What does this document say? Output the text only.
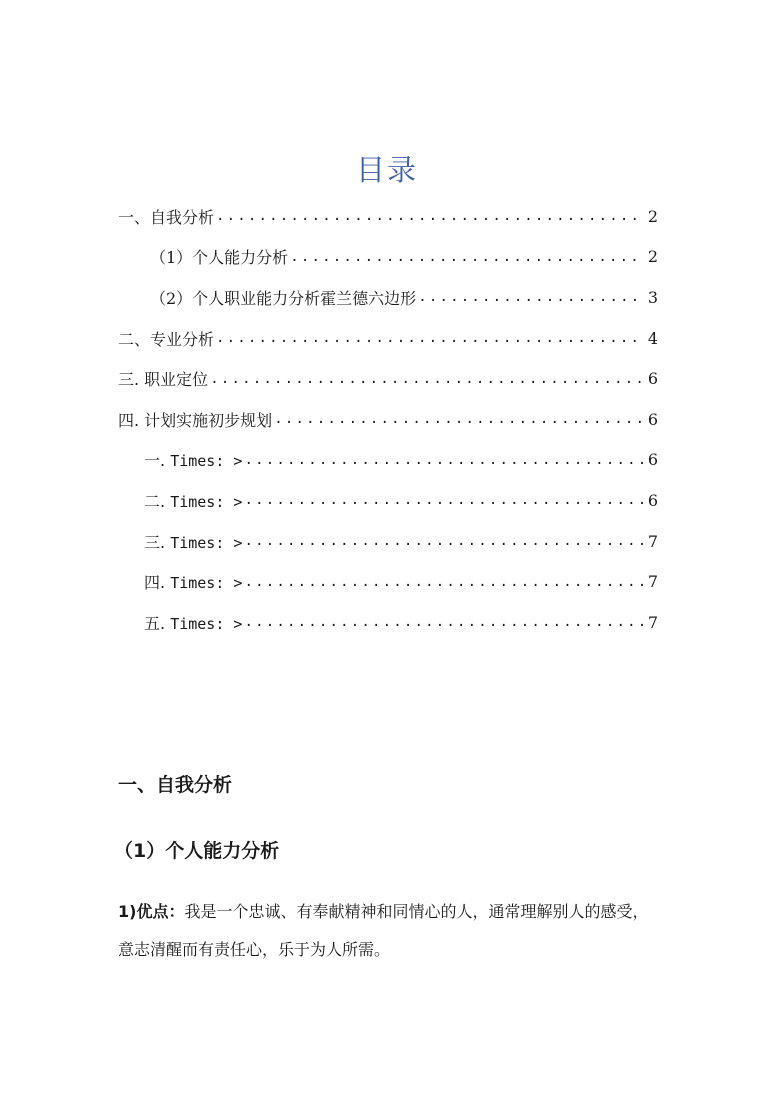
目录
一、自我分析 .....	2
（1）个人能力分析 .....	2
（2）个人职业能力分析霍兰德六边形 .....	3
二、专业分析 .....	4
三. 职业定位 .....	6
四. 计划实施初步规划 .....	6
一. Times: > .....	6
二. Times: > .....	6
三. Times: > .....	7
四. Times: > .....	7
五. Times: > .....	7
一、自我分析
（1）个人能力分析
1)优点：我是一个忠诚、有奉献精神和同情心的人，通常理解别人的感受，意志清醒而有责任心，乐于为人所需。
